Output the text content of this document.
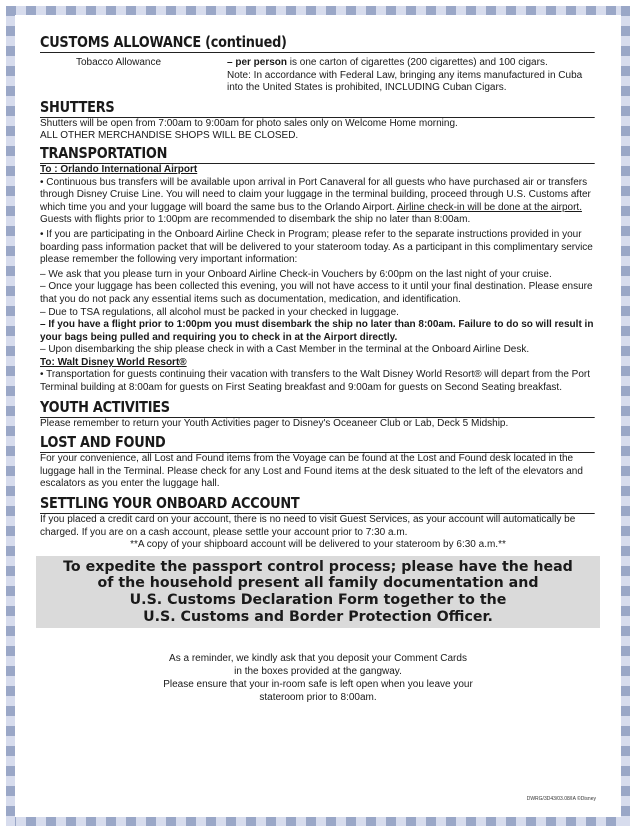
CUSTOMS ALLOWANCE (continued)
Tobacco Allowance	– per person is one carton of cigarettes (200 cigarettes) and 100 cigars.
Note: In accordance with Federal Law, bringing any items manufactured in Cuba into the United States is prohibited, INCLUDING Cuban Cigars.
SHUTTERS

Shutters will be open from 7:00am to 9:00am for photo sales only on Welcome Home morning.

ALL OTHER MERCHANDISE SHOPS WILL BE CLOSED.

TRANSPORTATION

To : Orlando International Airport

• Continuous bus transfers will be available upon arrival in Port Canaveral for all guests who have purchased air or transfers through Disney Cruise Line. You will need to claim your luggage in the terminal building, proceed through U.S. Customs after which time you and your luggage will board the same bus to the Orlando Airport. Airline check-in will be done at the airport. Guests with flights prior to 1:00pm are recommended to disembark the ship no later than 8:00am.

• If you are participating in the Onboard Airline Check in Program; please refer to the separate instructions provided in your boarding pass information packet that will be delivered to your stateroom today. As a participant in this complimentary service please remember the following very important information:

– We ask that you please turn in your Onboard Airline Check-in Vouchers by 6:00pm on the last night of your cruise.

– Once your luggage has been collected this evening, you will not have access to it until your final destination. Please ensure that you do not pack any essential items such as documentation, medication, and identification.

– Due to TSA regulations, all alcohol must be packed in your checked in luggage.

– If you have a flight prior to 1:00pm you must disembark the ship no later than 8:00am. Failure to do so will result in your bags being pulled and requiring you to check in at the Airport directly.

– Upon disembarking the ship please check in with a Cast Member in the terminal at the Onboard Airline Desk.

To: Walt Disney World Resort®

• Transportation for guests continuing their vacation with transfers to the Walt Disney World Resort® will depart from the Port Terminal building at 8:00am for guests on First Seating breakfast and 9:00am for guests on Second Seating breakfast.

YOUTH ACTIVITIES

Please remember to return your Youth Activities pager to Disney's Oceaneer Club or Lab, Deck 5 Midship.

LOST AND FOUND

For your convenience, all Lost and Found items from the Voyage can be found at the Lost and Found desk located in the luggage hall in the Terminal. Please check for any Lost and Found items at the desk situated to the left of the elevators and escalators as you enter the luggage hall.

SETTLING YOUR ONBOARD ACCOUNT

If you placed a credit card on your account, there is no need to visit Guest Services, as your account will automatically be charged. If you are on a cash account, please settle your account prior to 7:30 a.m.

**A copy of your shipboard account will be delivered to your stateroom by 6:30 a.m.**

To expedite the passport control process; please have the head
of the household present all family documentation and
U.S. Customs Declaration Form together to the
U.S. Customs and Border Protection Officer.
As a reminder, we kindly ask that you deposit your Comment Cards
in the boxes provided at the gangway.
Please ensure that your in-room safe is left open when you leave your
stateroom prior to 8:00am.
DWRG/3D43/03.08/IA ©Disney
